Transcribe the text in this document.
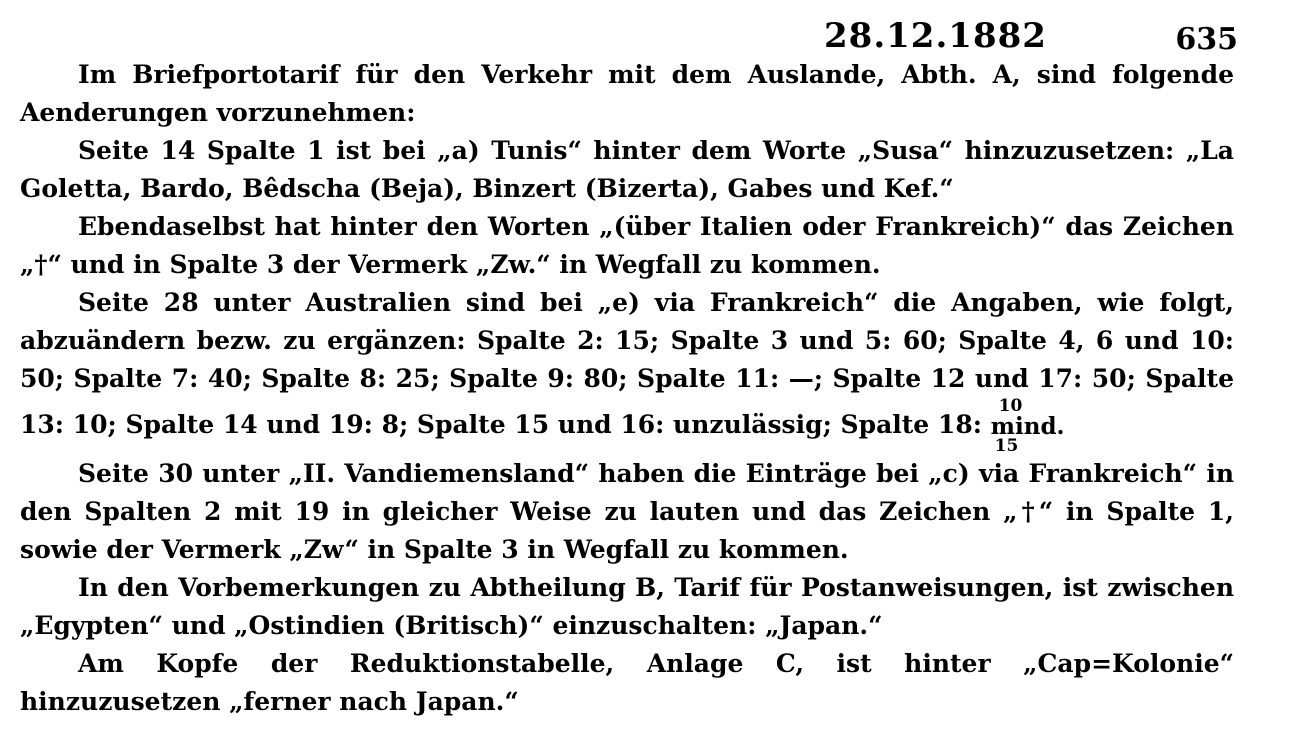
28.12.1882	635

Im Briefportotarif für den Verkehr mit dem Auslande, Abth. A, sind folgende Aenderungen vorzunehmen:

Seite 14 Spalte 1 ist bei „a) Tunis“ hinter dem Worte „Susa“ hinzuzusetzen: „La Goletta, Bardo, Bêdscha (Beja), Binzert (Bizerta), Gabes und Kef.“

Ebendaselbst hat hinter den Worten „(über Italien oder Frankreich)“ das Zeichen „†“ und in Spalte 3 der Vermerk „Zw.“ in Wegfall zu kommen.

Seite 28 unter Australien sind bei „e) via Frankreich“ die Angaben, wie folgt, abzuändern bezw. zu ergänzen: Spalte 2: 15; Spalte 3 und 5: 60; Spalte 4, 6 und 10: 50; Spalte 7: 40; Spalte 8: 25; Spalte 9: 80; Spalte 11: —; Spalte 12 und 17: 50; Spalte 13: 10; Spalte 14 und 19: 8; Spalte 15 und 16: unzulässig; Spalte 18:
10
mind.
15

Seite 30 unter „II. Vandiemensland“ haben die Einträge bei „c) via Frankreich“ in den Spalten 2 mit 19 in gleicher Weise zu lauten und das Zeichen „†“ in Spalte 1, sowie der Vermerk „Zw“ in Spalte 3 in Wegfall zu kommen.

In den Vorbemerkungen zu Abtheilung B, Tarif für Postanweisungen, ist zwischen „Egypten“ und „Ostindien (Britisch)“ einzuschalten: „Japan.“

Am Kopfe der Reduktionstabelle, Anlage C, ist hinter „Cap=Kolonie“ hinzuzusetzen „ferner nach Japan.“
